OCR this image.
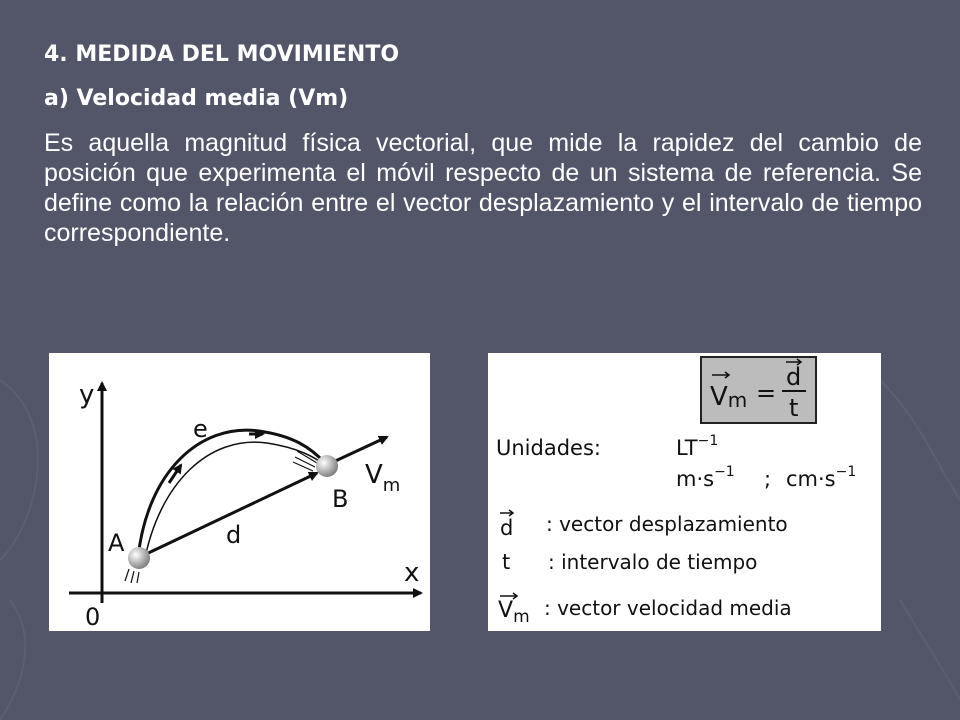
4. MEDIDA DEL MOVIMIENTO
a) Velocidad media (Vm)

Es aquella magnitud física vectorial, que mide la rapidez del cambio de posición que experimenta el móvil respecto de un sistema de referencia. Se define como la relación entre el vector desplazamiento y el intervalo de tiempo correspondiente.

y
x
0
e
A
B
d
$V_m$
Vm =
d
t
Unidades:	$LT^{-1}$
$m\cdot s^{-1}$ ; $cm\cdot s^{-1}$
d : vector desplazamiento
t : intervalo de tiempo
$V_m$ : vector velocidad media
